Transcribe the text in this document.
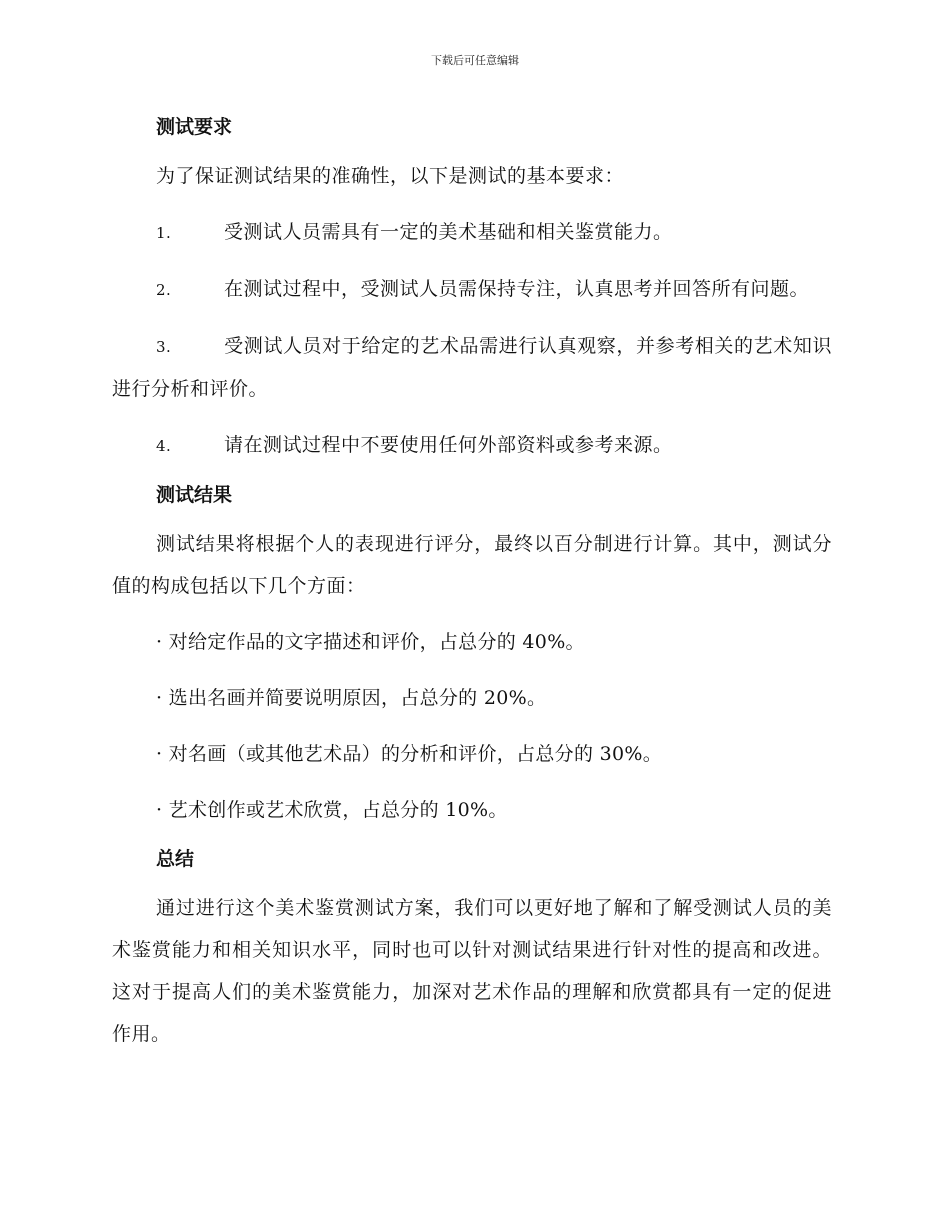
下载后可任意编辑
测试要求

为了保证测试结果的准确性，以下是测试的基本要求：

1.	受测试人员需具有一定的美术基础和相关鉴赏能力。
2.	在测试过程中，受测试人员需保持专注，认真思考并回答所有问题。
3.	受测试人员对于给定的艺术品需进行认真观察，并参考相关的艺术知识进行分析和评价。
4.	请在测试过程中不要使用任何外部资料或参考来源。
测试结果

测试结果将根据个人的表现进行评分，最终以百分制进行计算。其中，测试分值的构成包括以下几个方面：

· 对给定作品的文字描述和评价，占总分的 40%。

· 选出名画并简要说明原因，占总分的 20%。

· 对名画（或其他艺术品）的分析和评价，占总分的 30%。

· 艺术创作或艺术欣赏，占总分的 10%。

总结

通过进行这个美术鉴赏测试方案，我们可以更好地了解和了解受测试人员的美术鉴赏能力和相关知识水平，同时也可以针对测试结果进行针对性的提高和改进。这对于提高人们的美术鉴赏能力，加深对艺术作品的理解和欣赏都具有一定的促进作用。
